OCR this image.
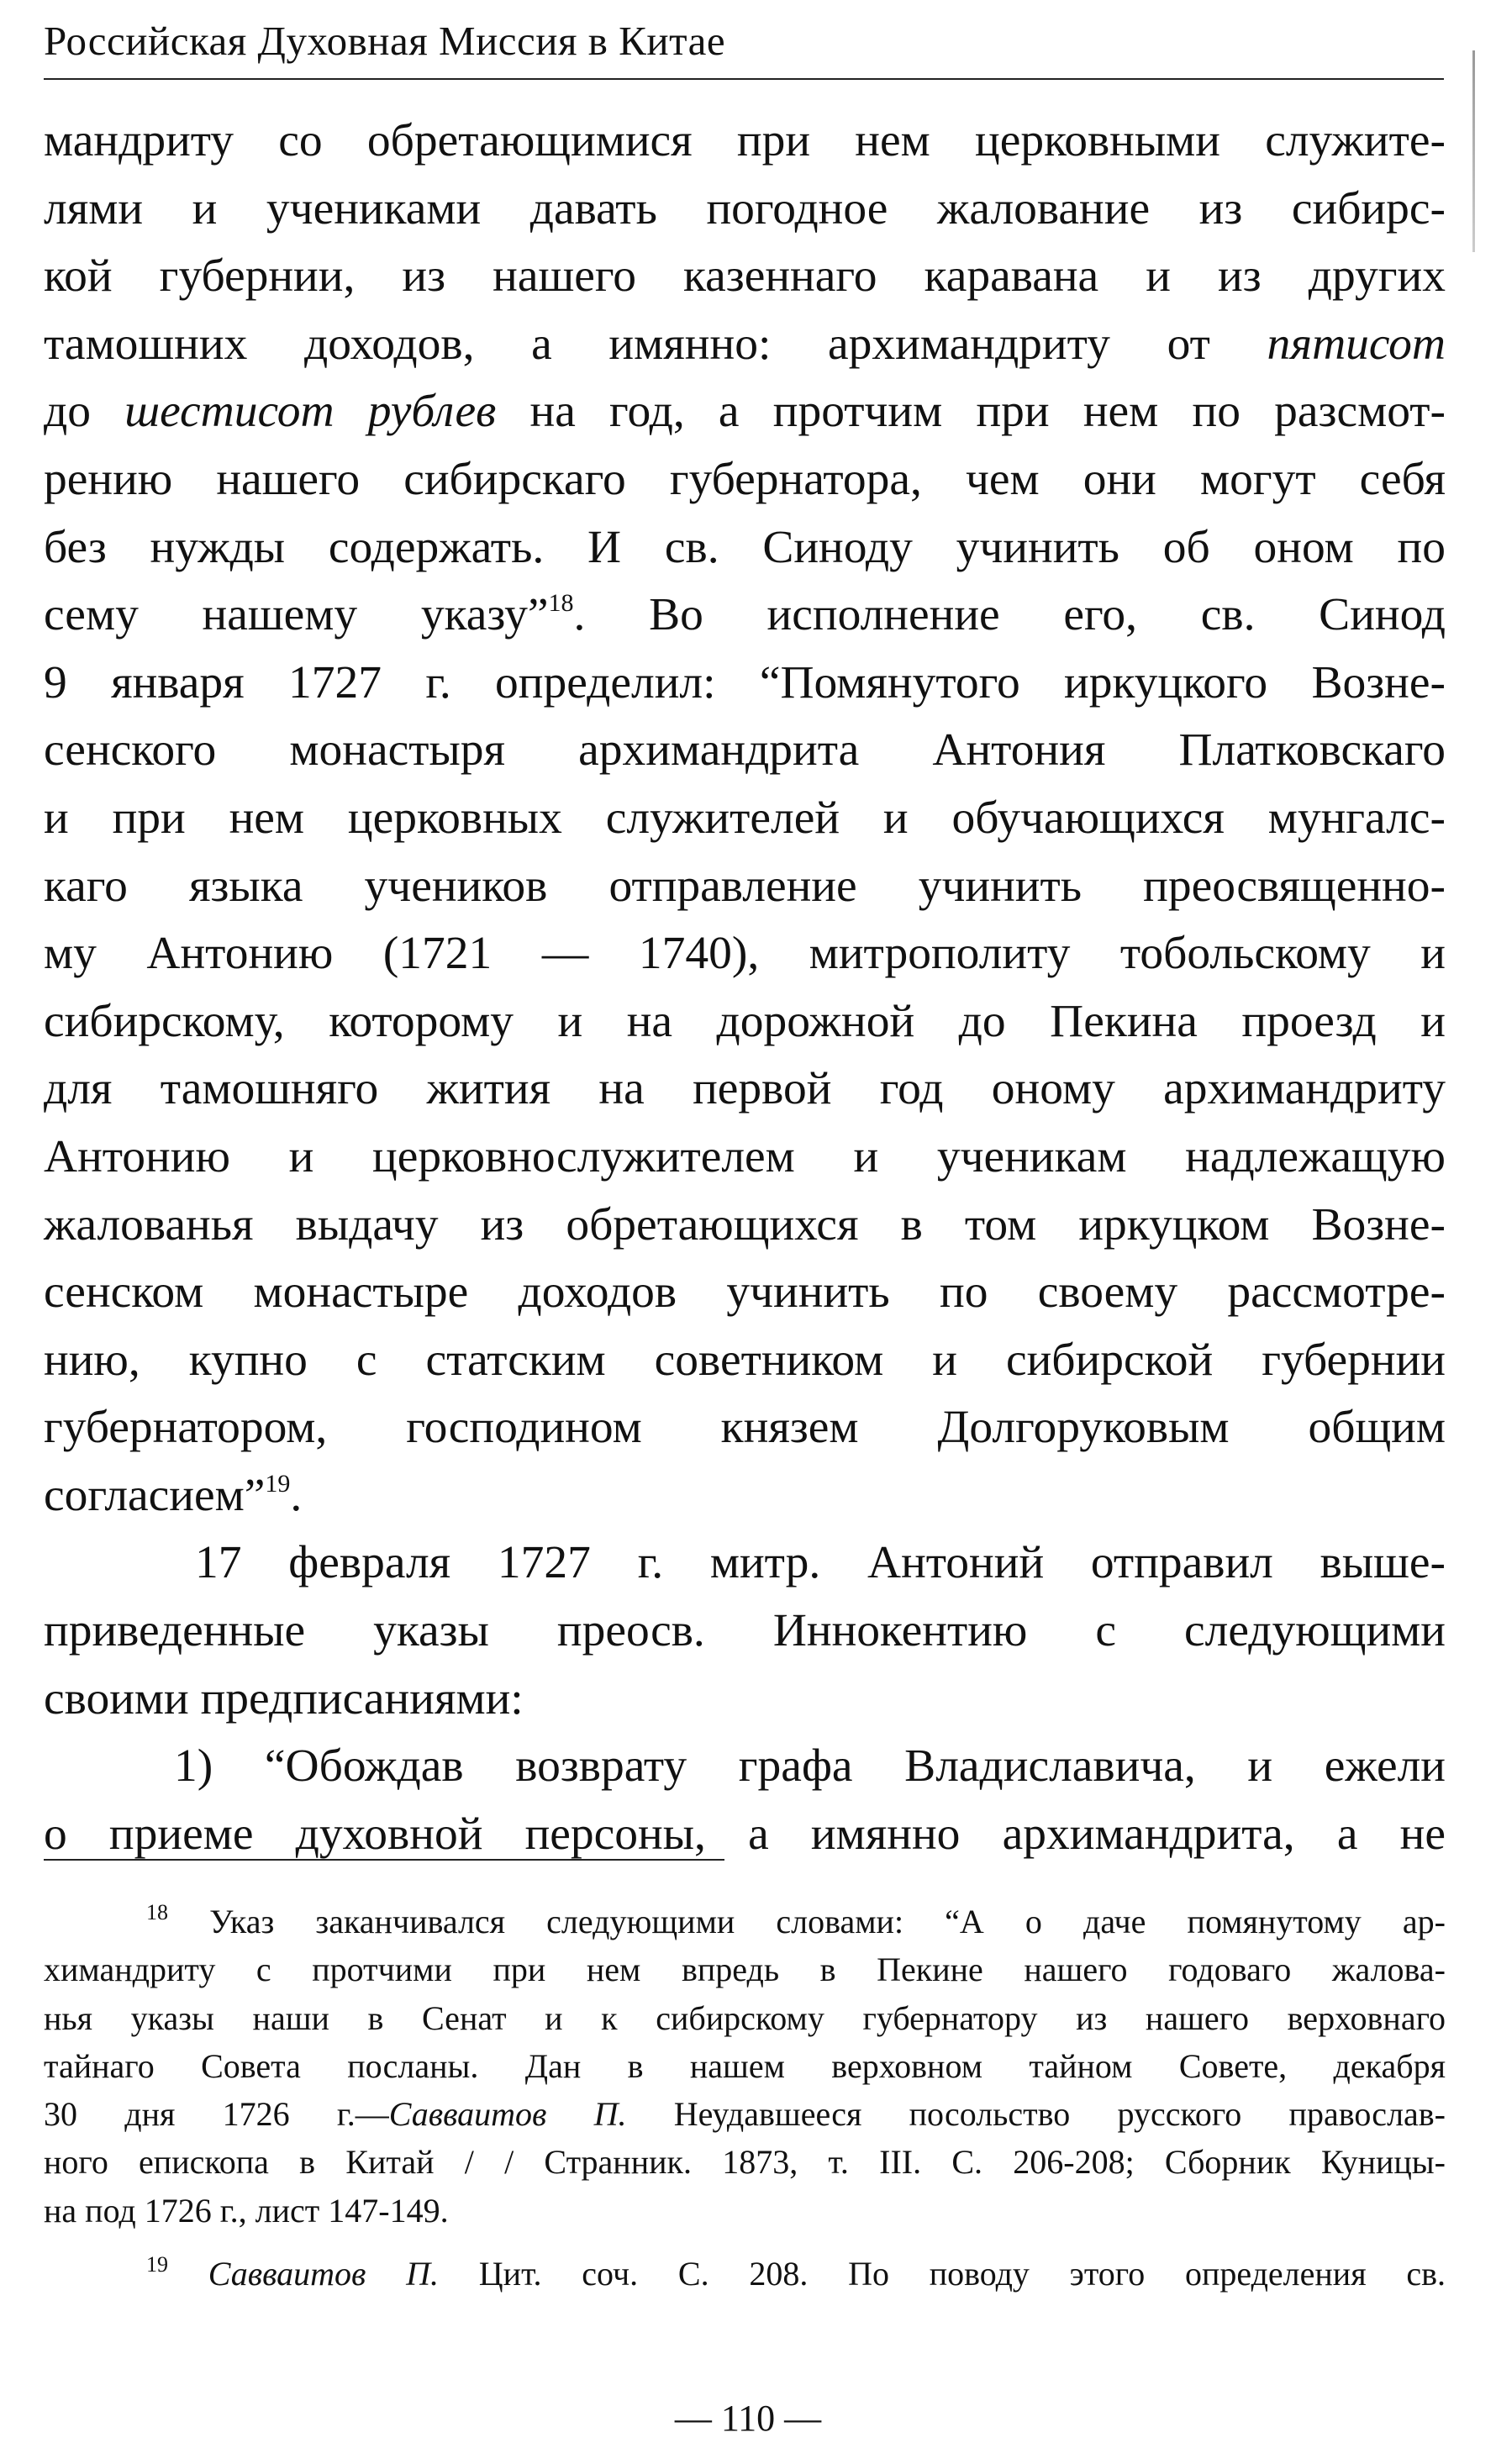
Российская Духовная Миссия в Китае

мандриту со обретающимися при нем церковными служите-
лями и учениками давать погодное жалование из сибирс-
кой губернии, из нашего казеннаго каравана и из других
тамошних доходов, а имянно: архимандриту от пятисот
до шестисот рублев на год, а протчим при нем по разсмот-
рению нашего сибирскаго губернатора, чем они могут себя
без нужды содержать. И св. Синоду учинить об оном по
сему нашему указу”$^{18}$. Во исполнение его, св. Синод
9 января 1727 г. определил: “Помянутого иркуцкого Возне-
сенского монастыря архимандрита Антония Платковскаго
и при нем церковных служителей и обучающихся мунгалс-
каго языка учеников отправление учинить преосвященно-
му Антонию (1721 — 1740), митрополиту тобольскому и
сибирскому, которому и на дорожной до Пекина проезд и
для тамошняго жития на первой год оному архимандриту
Антонию и церковнослужителем и ученикам надлежащую
жалованья выдачу из обретающихся в том иркуцком Возне-
сенском монастыре доходов учинить по своему рассмотре-
нию, купно с статским советником и сибирской губернии
губернатором, господином князем Долгоруковым общим
согласием”$^{19}$.

17 февраля 1727 г. митр. Антоний отправил выше-
приведенные указы преосв. Иннокентию с следующими
своими предписаниями:

1) “Обождав возврату графа Владиславича, и ежели
о приеме духовной персоны, а имянно архимандрита, а не

$^{18}$ Указ заканчивался следующими словами: “А о даче помянутому ар-
химандриту с протчими при нем впредь в Пекине нашего годоваго жалова-
нья указы наши в Сенат и к сибирскому губернатору из нашего верховнаго
тайнаго Совета посланы. Дан в нашем верховном тайном Совете, декабря
30 дня 1726 г.—Савваитов П. Неудавшееся посольство русского православ-
ного епископа в Китай / / Странник. 1873, т. III. С. 206-208; Сборник Куницы-
на под 1726 г., лист 147-149.
$^{19}$ Савваитов П. Цит. соч. С. 208. По поводу этого определения св.
— 110 —
